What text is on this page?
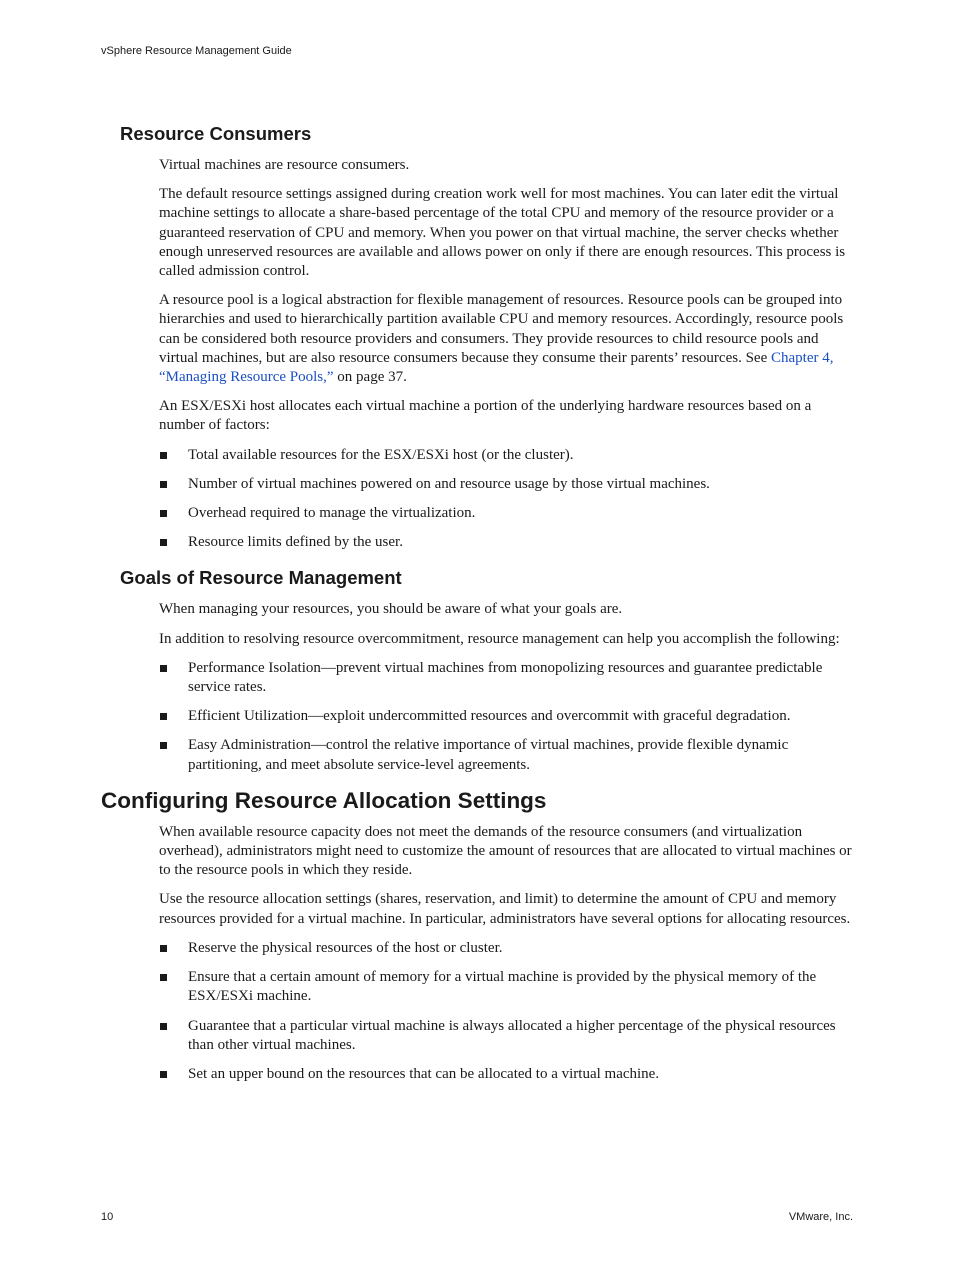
vSphere Resource Management Guide
Resource Consumers

Virtual machines are resource consumers.

The default resource settings assigned during creation work well for most machines. You can later edit the virtual machine settings to allocate a share-based percentage of the total CPU and memory of the resource provider or a guaranteed reservation of CPU and memory. When you power on that virtual machine, the server checks whether enough unreserved resources are available and allows power on only if there are enough resources. This process is called admission control.

A resource pool is a logical abstraction for flexible management of resources. Resource pools can be grouped into hierarchies and used to hierarchically partition available CPU and memory resources. Accordingly, resource pools can be considered both resource providers and consumers. They provide resources to child resource pools and virtual machines, but are also resource consumers because they consume their parents’ resources. See Chapter 4, “Managing Resource Pools,” on page 37.

An ESX/ESXi host allocates each virtual machine a portion of the underlying hardware resources based on a number of factors:

Total available resources for the ESX/ESXi host (or the cluster).
Number of virtual machines powered on and resource usage by those virtual machines.
Overhead required to manage the virtualization.
Resource limits defined by the user.
Goals of Resource Management

When managing your resources, you should be aware of what your goals are.

In addition to resolving resource overcommitment, resource management can help you accomplish the following:

Performance Isolation—prevent virtual machines from monopolizing resources and guarantee predictable service rates.
Efficient Utilization—exploit undercommitted resources and overcommit with graceful degradation.
Easy Administration—control the relative importance of virtual machines, provide flexible dynamic partitioning, and meet absolute service-level agreements.
Configuring Resource Allocation Settings

When available resource capacity does not meet the demands of the resource consumers (and virtualization overhead), administrators might need to customize the amount of resources that are allocated to virtual machines or to the resource pools in which they reside.

Use the resource allocation settings (shares, reservation, and limit) to determine the amount of CPU and memory resources provided for a virtual machine. In particular, administrators have several options for allocating resources.

Reserve the physical resources of the host or cluster.
Ensure that a certain amount of memory for a virtual machine is provided by the physical memory of the ESX/ESXi machine.
Guarantee that a particular virtual machine is always allocated a higher percentage of the physical resources than other virtual machines.
Set an upper bound on the resources that can be allocated to a virtual machine.
10	VMware, Inc.
